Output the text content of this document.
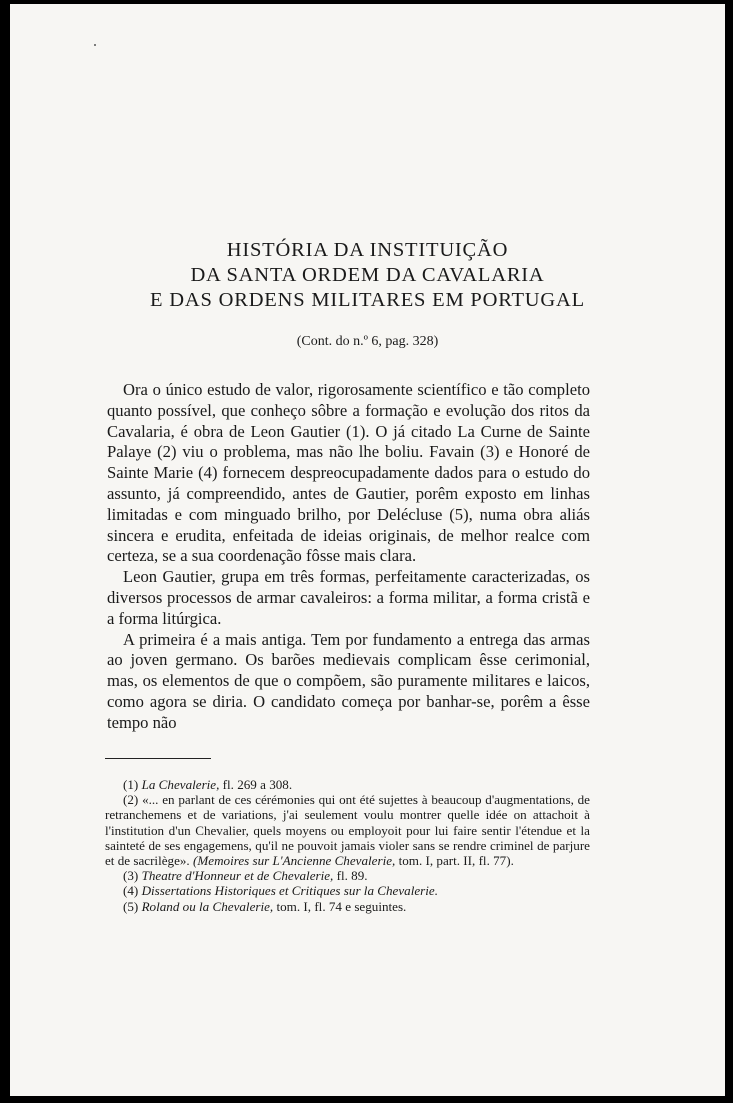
HISTÓRIA DA INSTITUIÇÃO
DA SANTA ORDEM DA CAVALARIA
E DAS ORDENS MILITARES EM PORTUGAL
(Cont. do n.º 6, pag. 328)

Ora o único estudo de valor, rigorosamente scientífico e tão completo quanto possível, que conheço sôbre a formação e evolução dos ritos da Cavalaria, é obra de Leon Gautier (1). O já citado La Curne de Sainte Palaye (2) viu o problema, mas não lhe boliu. Favain (3) e Honoré de Sainte Marie (4) fornecem despreocupadamente dados para o estudo do assunto, já compreendido, antes de Gautier, porêm exposto em linhas limitadas e com minguado brilho, por Delécluse (5), numa obra aliás sincera e erudita, enfeitada de ideias originais, de melhor realce com certeza, se a sua coordenação fôsse mais clara.

Leon Gautier, grupa em três formas, perfeitamente caracterizadas, os diversos processos de armar cavaleiros: a forma militar, a forma cristã e a forma litúrgica.

A primeira é a mais antiga. Tem por fundamento a entrega das armas ao joven germano. Os barões medievais complicam êsse cerimonial, mas, os elementos de que o compõem, são puramente militares e laicos, como agora se diria. O candidato começa por banhar-se, porêm a êsse tempo não

(1) La Chevalerie, fl. 269 a 308.

(2) «... en parlant de ces cérémonies qui ont été sujettes à beaucoup d'augmentations, de retranchemens et de variations, j'ai seulement voulu montrer quelle idée on attachoit à l'institution d'un Chevalier, quels moyens ou employoit pour lui faire sentir l'étendue et la sainteté de ses engagemens, qu'il ne pouvoit jamais violer sans se rendre criminel de parjure et de sacrilège». (Memoires sur L'Ancienne Chevalerie, tom. I, part. II, fl. 77).

(3) Theatre d'Honneur et de Chevalerie, fl. 89.

(4) Dissertations Historiques et Critiques sur la Chevalerie.

(5) Roland ou la Chevalerie, tom. I, fl. 74 e seguintes.
